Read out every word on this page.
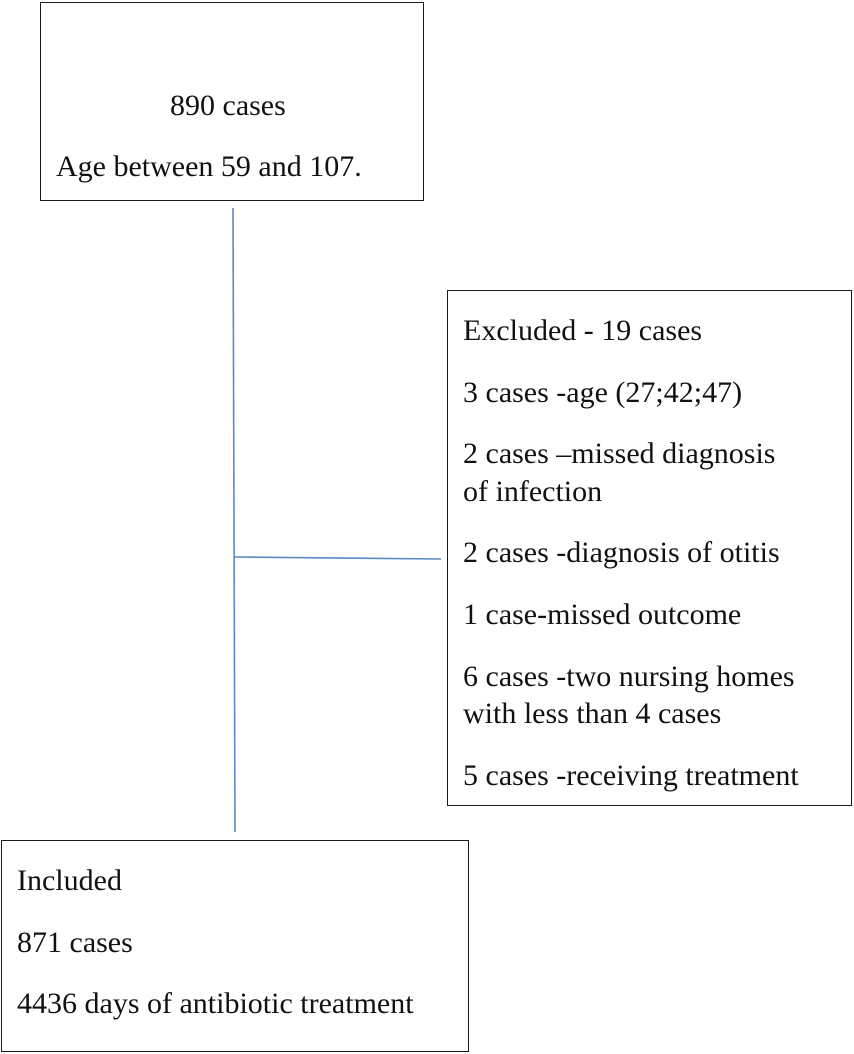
890 cases
Age between 59 and 107.
Excluded - 19 cases
3 cases -age (27;42;47)
2 cases –missed diagnosis
of infection
2 cases -diagnosis of otitis
1 case-missed outcome
6 cases -two nursing homes
with less than 4 cases
5 cases -receiving treatment
Included
871 cases
4436 days of antibiotic treatment
